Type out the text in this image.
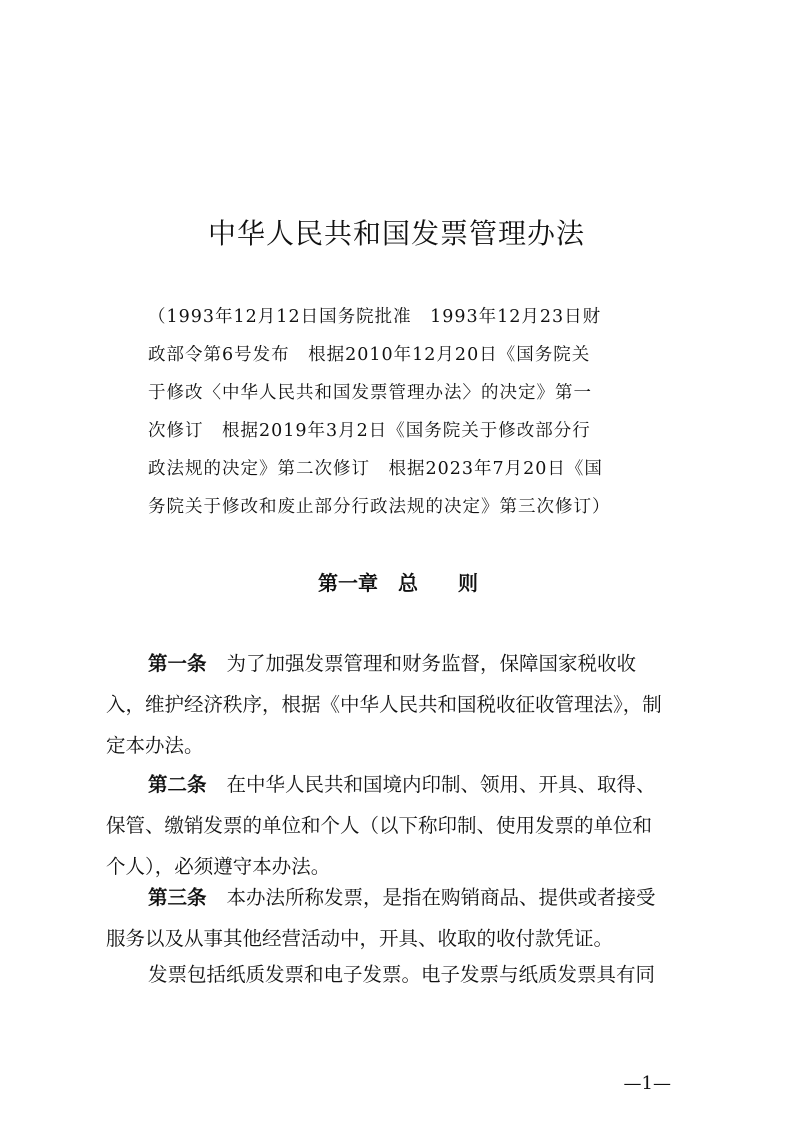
中华人民共和国发票管理办法
（1993年12月12日国务院批准　1993年12月23日财
政部令第6号发布　根据2010年12月20日《国务院关
于修改〈中华人民共和国发票管理办法〉的决定》第一
次修订　根据2019年3月2日《国务院关于修改部分行
政法规的决定》第二次修订　根据2023年7月20日《国
务院关于修改和废止部分行政法规的决定》第三次修订）
第一章　总　　则
第一条 为了加强发票管理和财务监督，保障国家税收收
入，维护经济秩序，根据《中华人民共和国税收征收管理法》，制
定本办法。
第二条 在中华人民共和国境内印制、领用、开具、取得、
保管、缴销发票的单位和个人（以下称印制、使用发票的单位和
个人），必须遵守本办法。
第三条 本办法所称发票，是指在购销商品、提供或者接受
服务以及从事其他经营活动中，开具、收取的收付款凭证。
发票包括纸质发票和电子发票。电子发票与纸质发票具有同
—1—
